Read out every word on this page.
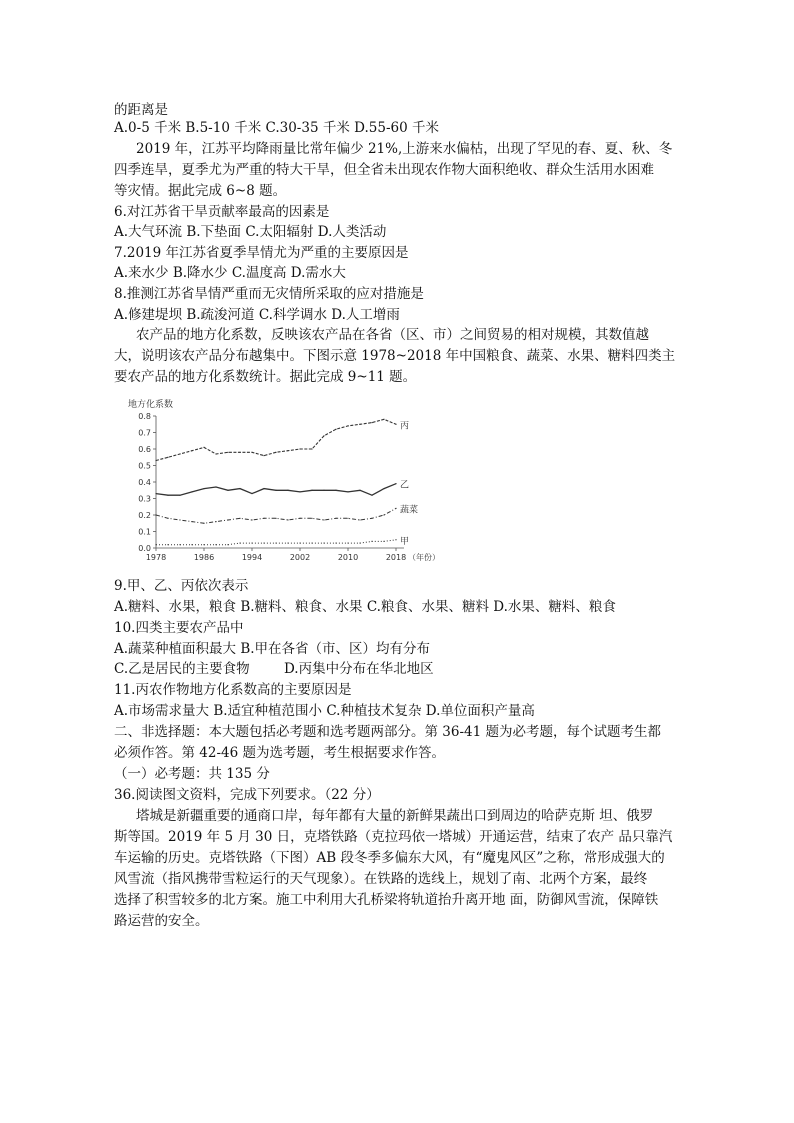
的距离是
A.0-5 千米 B.5-10 千米 C.30-35 千米 D.55-60 千米
2019 年，江苏平均降雨量比常年偏少 21%,上游来水偏枯，出现了罕见的春、夏、秋、冬
四季连旱，夏季尤为严重的特大干旱，但全省未出现农作物大面积绝收、群众生活用水困难
等灾情。据此完成 6~8 题。
6.对江苏省干旱贡献率最高的因素是
A.大气环流 B.下垫面 C.太阳辐射 D.人类活动
7.2019 年江苏省夏季旱情尤为严重的主要原因是
A.来水少 B.降水少 C.温度高 D.需水大
8.推测江苏省旱情严重而无灾情所采取的应对措施是
A.修建堤坝 B.疏浚河道 C.科学调水 D.人工增雨
农产品的地方化系数，反映该农产品在各省（区、市）之间贸易的相对规模，其数值越
大，说明该农产品分布越集中。下图示意 1978~2018 年中国粮食、蔬菜、水果、糖料四类主
要农产品的地方化系数统计。据此完成 9~11 题。
地方化系数
0.0
0.1
0.2
0.3
0.4
0.5
0.6
0.7
0.8
1978	1986	1994	2002	2010	2018 （年份）
丙
乙
蔬菜
甲
9.甲、乙、丙依次表示
A.糖料、水果，粮食 B.糖料、粮食、水果 C.粮食、水果、糖料 D.水果、糖料、粮食
10.四类主要农产品中
A.蔬菜种植面积最大 B.甲在各省（市、区）均有分布
C.乙是居民的主要食物        D.丙集中分布在华北地区
11.丙农作物地方化系数高的主要原因是
A.市场需求量大 B.适宜种植范围小 C.种植技术复杂 D.单位面积产量高
二、非选择题：本大题包括必考题和选考题两部分。第 36-41 题为必考题，每个试题考生都
必须作答。第 42-46 题为选考题，考生根据要求作答。
（一）必考题：共 135 分
36.阅读图文资料，完成下列要求。（22 分）
塔城是新疆重要的通商口岸，每年都有大量的新鲜果蔬出口到周边的哈萨克斯 坦、俄罗
斯等国。2019 年 5 月 30 日，克塔铁路（克拉玛依一塔城）开通运营，结束了农产 品只靠汽
车运输的历史。克塔铁路（下图）AB 段冬季多偏东大风，有“魔鬼风区”之称，常形成强大的
风雪流（指风携带雪粒运行的天气现象）。在铁路的选线上，规划了南、北两个方案，最终
选择了积雪较多的北方案。施工中利用大孔桥梁将轨道抬升离开地 面，防御风雪流，保障铁
路运营的安全。
